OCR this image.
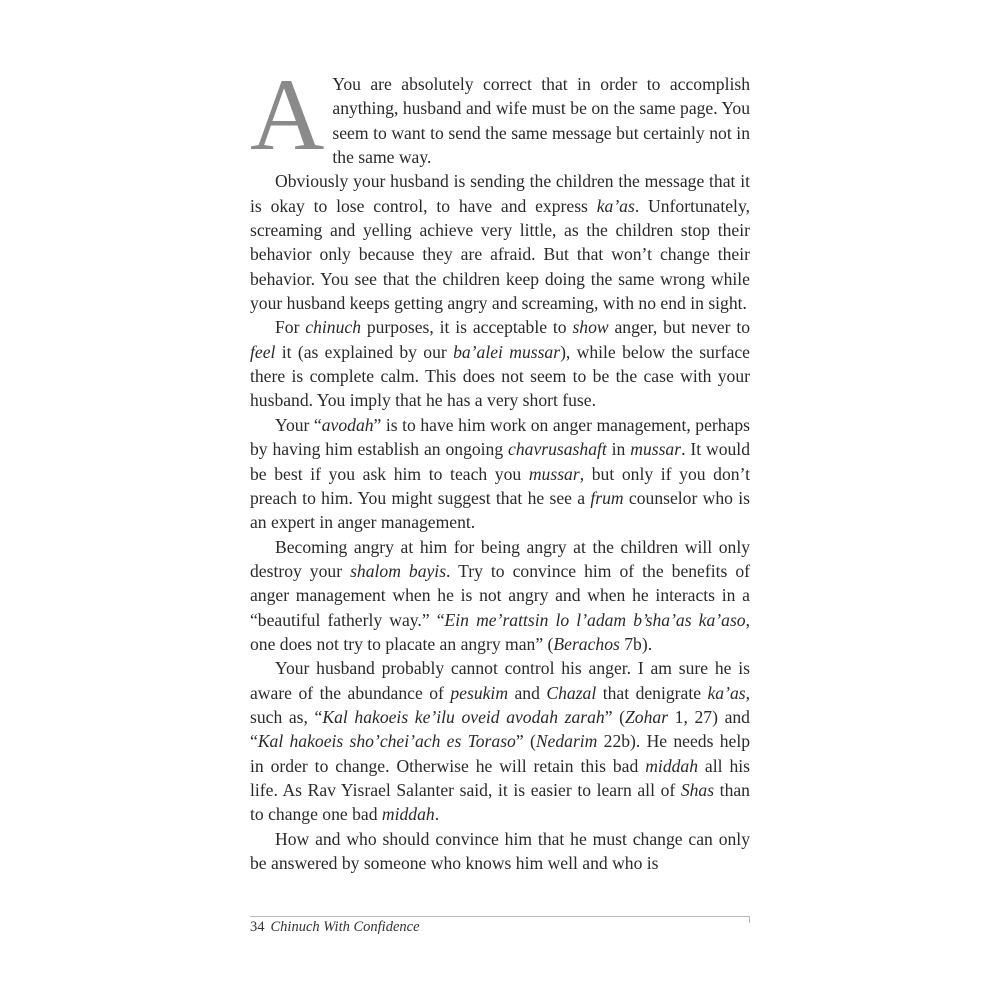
A You are absolutely correct that in order to accomplish anything, husband and wife must be on the same page. You seem to want to send the same message but certainly not in the same way.

Obviously your husband is sending the children the message that it is okay to lose control, to have and express ka’as. Unfortunately, screaming and yelling achieve very little, as the children stop their behavior only because they are afraid. But that won’t change their behavior. You see that the children keep doing the same wrong while your husband keeps getting angry and screaming, with no end in sight.

For chinuch purposes, it is acceptable to show anger, but never to feel it (as explained by our ba’alei mussar), while below the surface there is complete calm. This does not seem to be the case with your husband. You imply that he has a very short fuse.

Your “avodah” is to have him work on anger management, perhaps by having him establish an ongoing chavrusashaft in mussar. It would be best if you ask him to teach you mussar, but only if you don’t preach to him. You might suggest that he see a frum counselor who is an expert in anger management.

Becoming angry at him for being angry at the children will only destroy your shalom bayis. Try to convince him of the benefits of anger management when he is not angry and when he interacts in a “beautiful fatherly way.” “Ein me’rattsin lo l’adam b’sha’as ka’aso, one does not try to placate an angry man” (Berachos 7b).

Your husband probably cannot control his anger. I am sure he is aware of the abundance of pesukim and Chazal that denigrate ka’as, such as, “Kal hakoeis ke’ilu oveid avodah zarah” (Zohar 1, 27) and “Kal hakoeis sho’chei’ach es Toraso” (Nedarim 22b). He needs help in order to change. Otherwise he will retain this bad middah all his life. As Rav Yisrael Salanter said, it is easier to learn all of Shas than to change one bad middah.

How and who should convince him that he must change can only be answered by someone who knows him well and who is

34 Chinuch With Confidence
